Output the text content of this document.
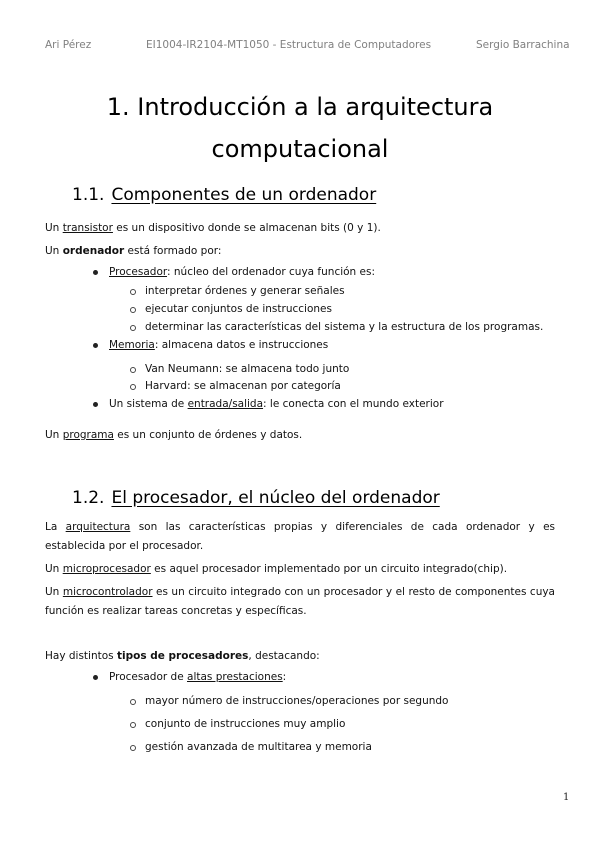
Ari Pérez	EI1004-IR2104-MT1050 - Estructura de Computadores	Sergio Barrachina
1. Introducción a la arquitectura
computacional
1.1. Componentes de un ordenador
Un transistor es un dispositivo donde se almacenan bits (0 y 1).
Un ordenador está formado por:
Procesador: núcleo del ordenador cuya función es:
interpretar órdenes y generar señales
ejecutar conjuntos de instrucciones
determinar las características del sistema y la estructura de los programas.
Memoria: almacena datos e instrucciones
Van Neumann: se almacena todo junto
Harvard: se almacenan por categoría
Un sistema de entrada/salida: le conecta con el mundo exterior
Un programa es un conjunto de órdenes y datos.
1.2. El procesador, el núcleo del ordenador
La arquitectura son las características propias y diferenciales de cada ordenador y es establecida por el procesador.
Un microprocesador es aquel procesador implementado por un circuito integrado(chip).
Un microcontrolador es un circuito integrado con un procesador y el resto de componentes cuya función es realizar tareas concretas y específicas.
Hay distintos tipos de procesadores, destacando:
Procesador de altas prestaciones:
mayor número de instrucciones/operaciones por segundo
conjunto de instrucciones muy amplio
gestión avanzada de multitarea y memoria
1
